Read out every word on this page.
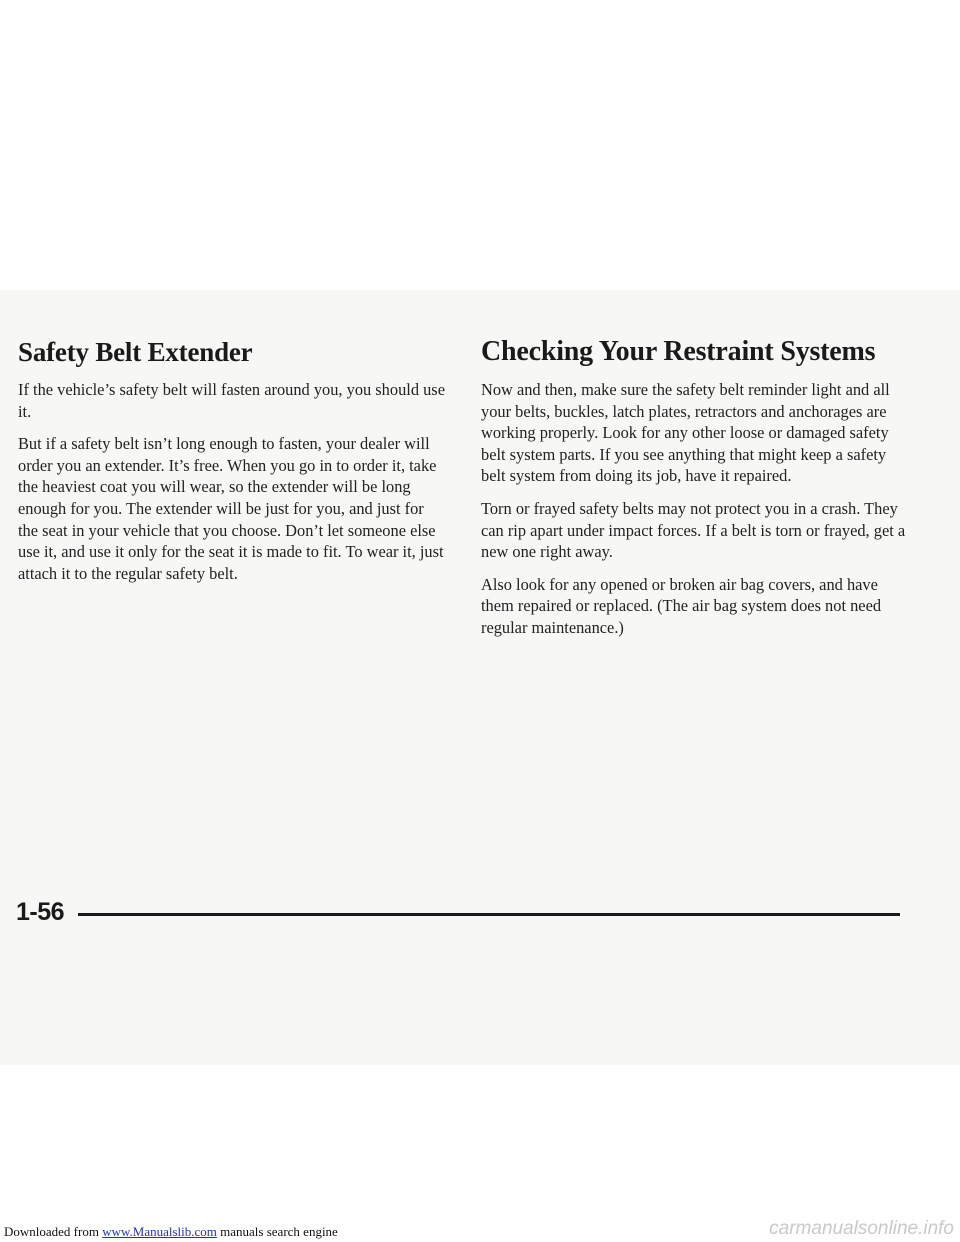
Safety Belt Extender

If the vehicle’s safety belt will fasten around you, you should use it.

But if a safety belt isn’t long enough to fasten, your dealer will order you an extender. It’s free. When you go in to order it, take the heaviest coat you will wear, so the extender will be long enough for you. The extender will be just for you, and just for the seat in your vehicle that you choose. Don’t let someone else use it, and use it only for the seat it is made to fit. To wear it, just attach it to the regular safety belt.

Checking Your Restraint Systems

Now and then, make sure the safety belt reminder light and all your belts, buckles, latch plates, retractors and anchorages are working properly. Look for any other loose or damaged safety belt system parts. If you see anything that might keep a safety belt system from doing its job, have it repaired.

Torn or frayed safety belts may not protect you in a crash. They can rip apart under impact forces. If a belt is torn or frayed, get a new one right away.

Also look for any opened or broken air bag covers, and have them repaired or replaced. (The air bag system does not need regular maintenance.)

1-56
Downloaded from www.Manualslib.com manuals search engine	carmanualsonline.info
